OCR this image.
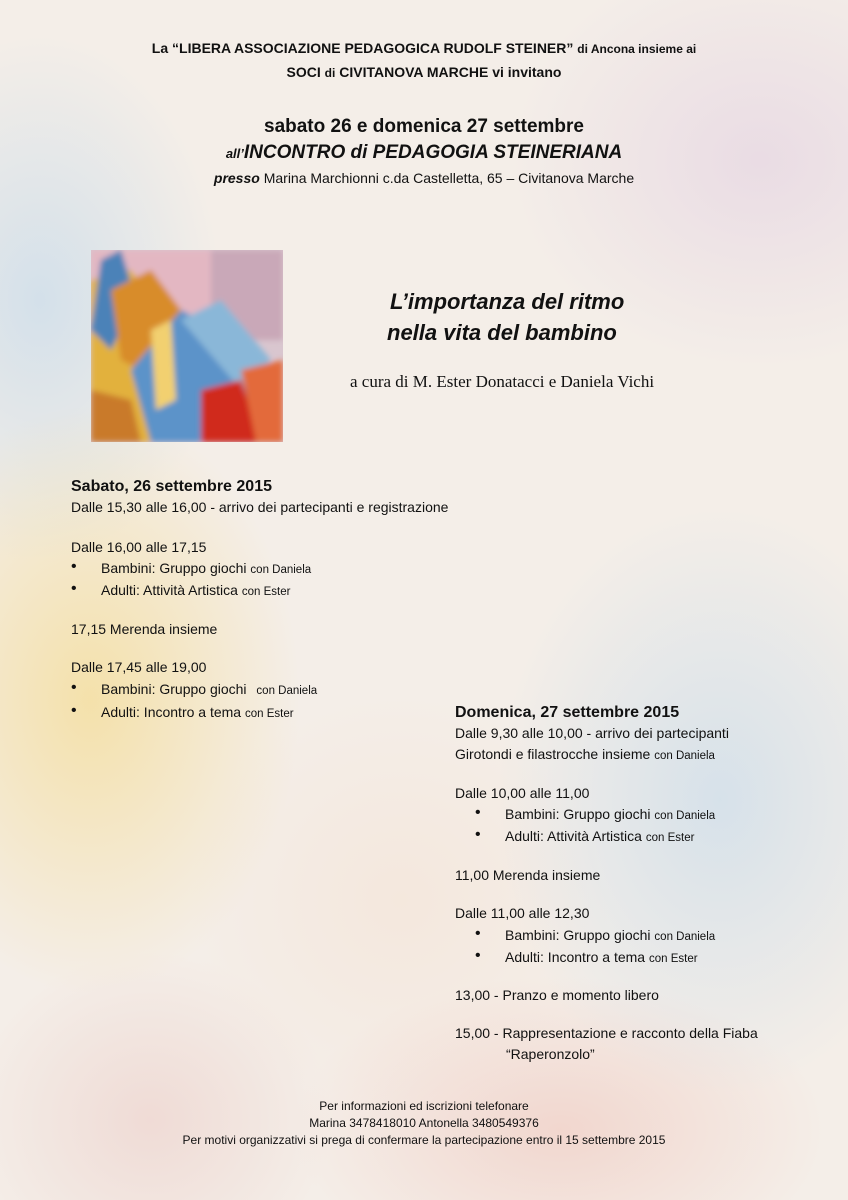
La “LIBERA ASSOCIAZIONE PEDAGOGICA RUDOLF STEINER” di Ancona insieme ai
SOCI di CIVITANOVA MARCHE vi invitano
sabato 26 e domenica 27 settembre
all’INCONTRO di PEDAGOGIA STEINERIANA
presso Marina Marchionni c.da Castelletta, 65 – Civitanova Marche
L’importanza del ritmo
nella vita del bambino
a cura di M. Ester Donatacci e Daniela Vichi
Sabato, 26 settembre 2015
Dalle 15,30 alle 16,00 - arrivo dei partecipanti e registrazione
Dalle 16,00 alle 17,15
• Bambini: Gruppo giochi con Daniela
• Adulti: Attività Artistica con Ester
17,15 Merenda insieme
Dalle 17,45 alle 19,00
• Bambini: Gruppo giochi con Daniela
• Adulti: Incontro a tema con Ester	Domenica, 27 settembre 2015
Dalle 9,30 alle 10,00 - arrivo dei partecipanti
Girotondi e filastrocche insieme con Daniela
Dalle 10,00 alle 11,00
• Bambini: Gruppo giochi con Daniela
• Adulti: Attività Artistica con Ester
11,00 Merenda insieme
Dalle 11,00 alle 12,30
• Bambini: Gruppo giochi con Daniela
• Adulti: Incontro a tema con Ester
13,00 - Pranzo e momento libero
15,00 - Rappresentazione e racconto della Fiaba
“Raperonzolo”
Per informazioni ed iscrizioni telefonare
Marina 3478418010 Antonella 3480549376
Per motivi organizzativi si prega di confermare la partecipazione entro il 15 settembre 2015
